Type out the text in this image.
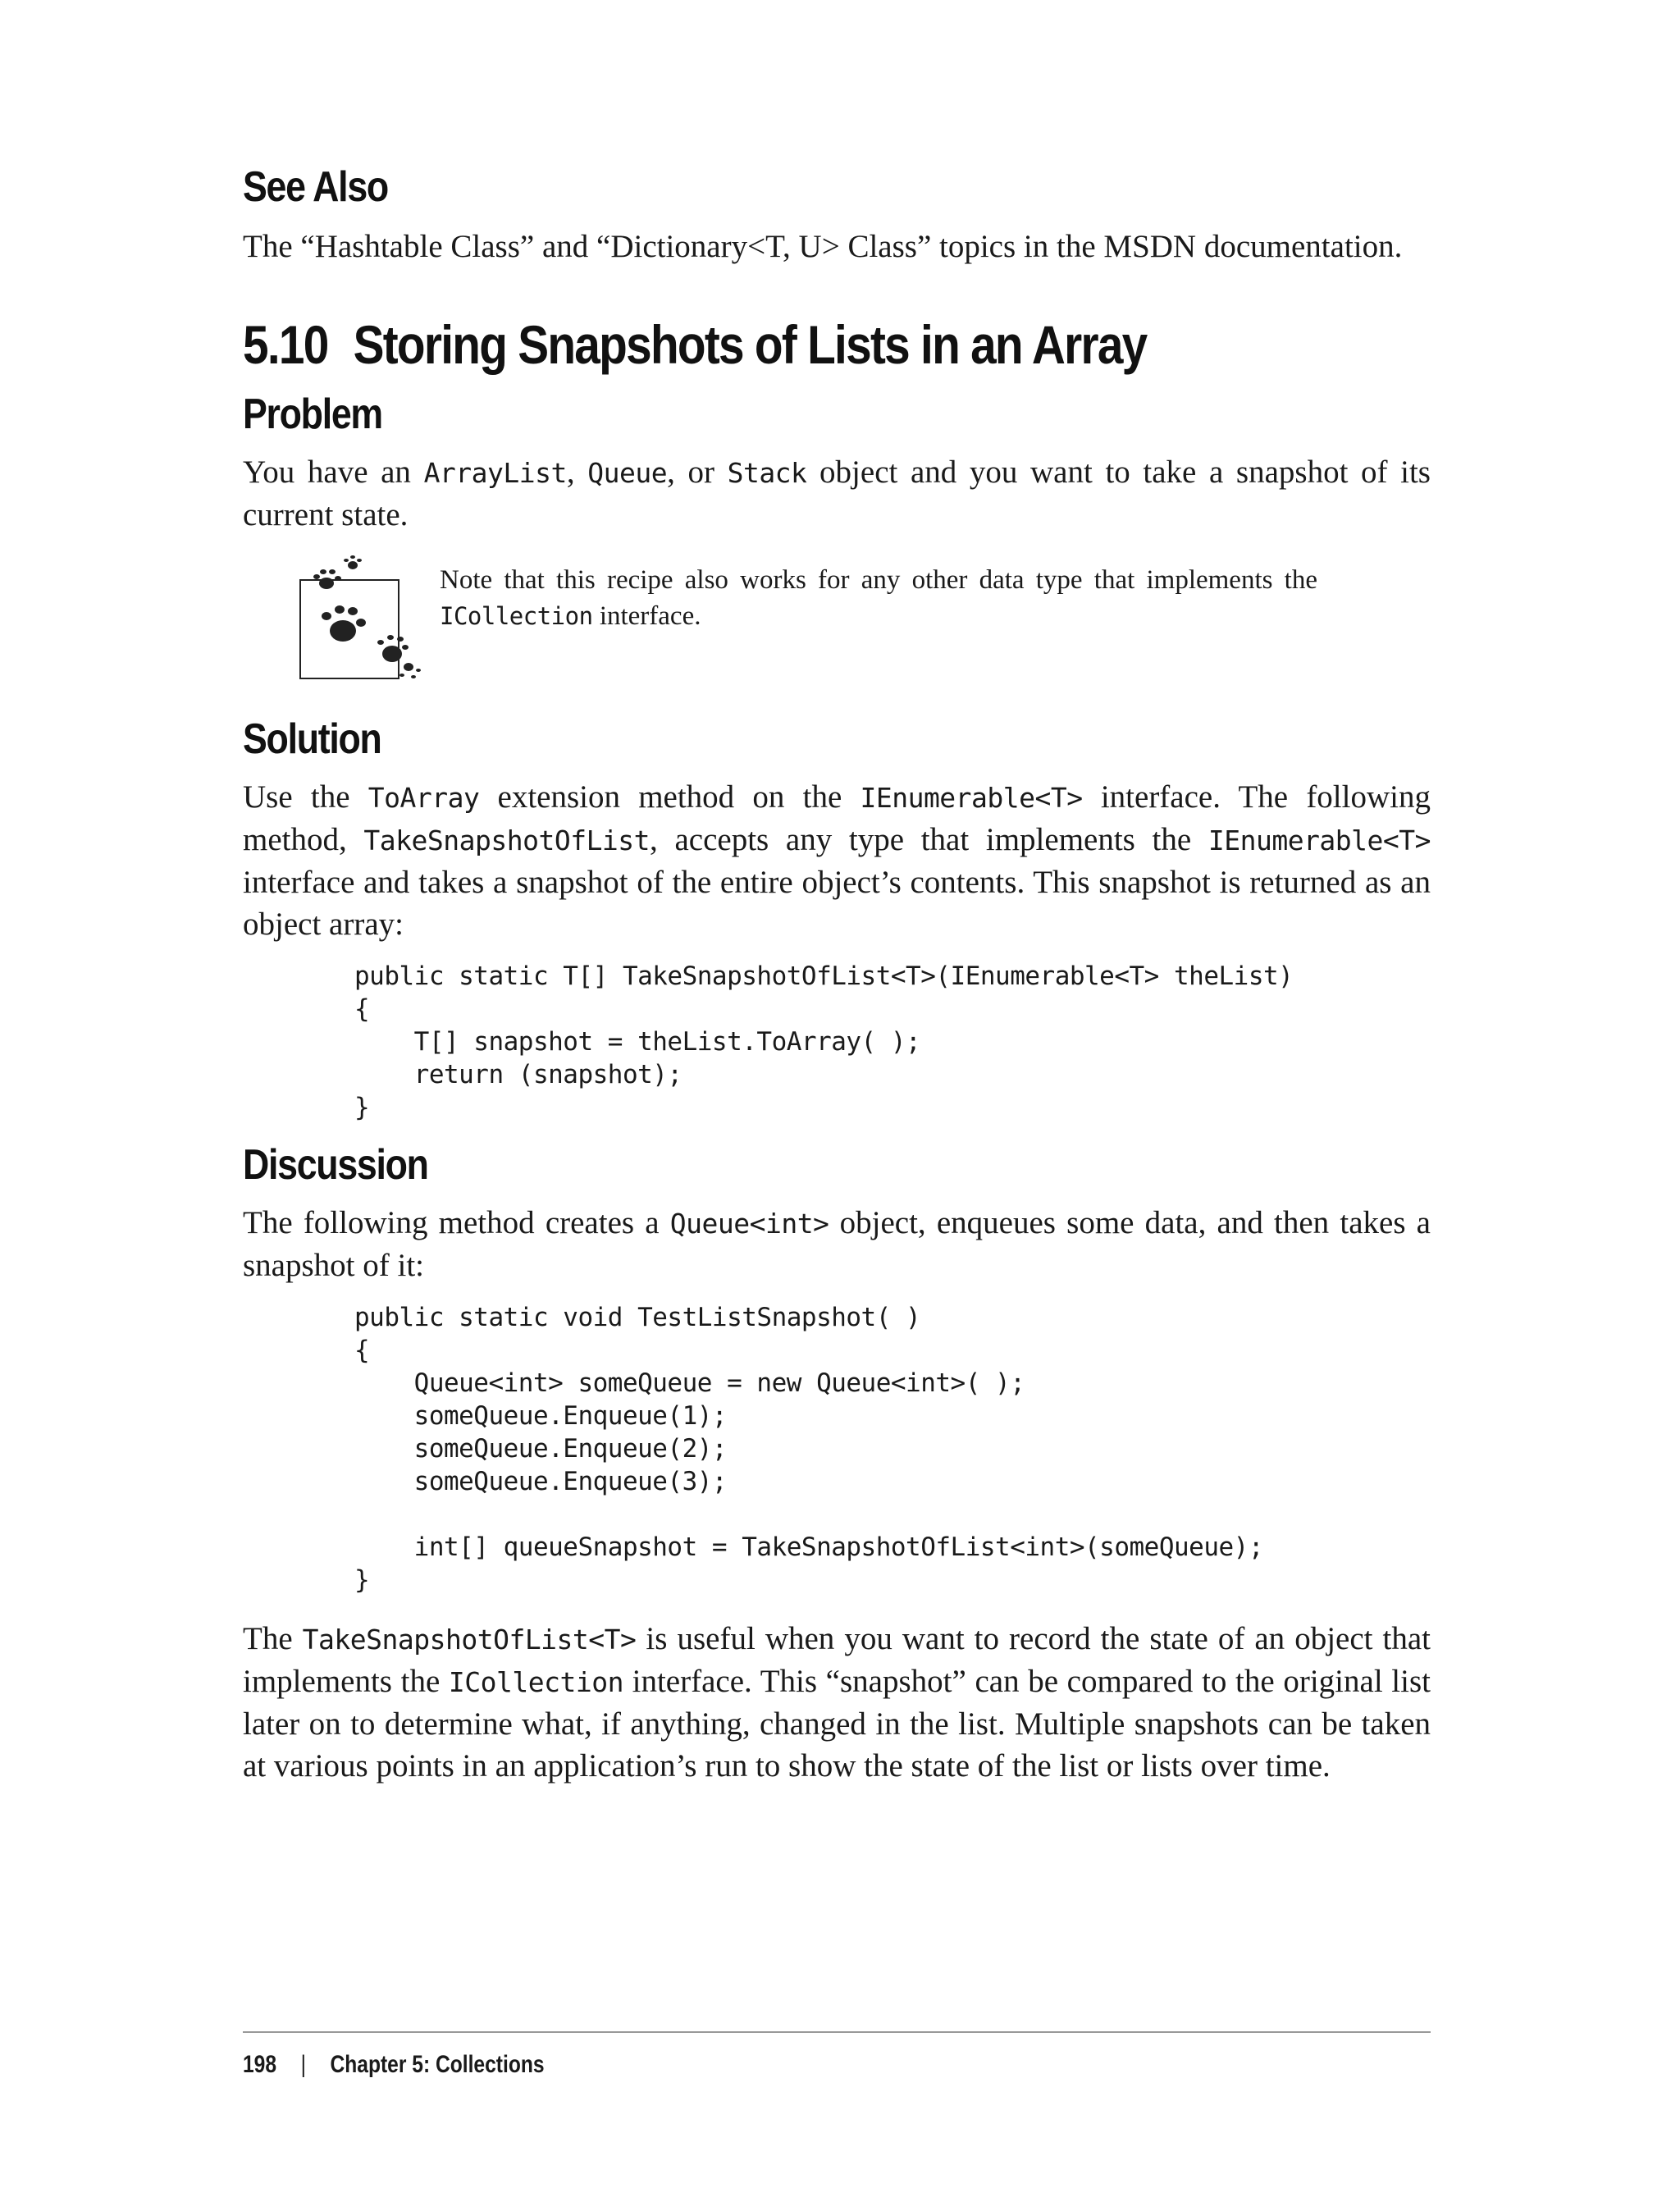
See Also

The “Hashtable Class” and “Dictionary<T, U> Class” topics in the MSDN documentation.

5.10 Storing Snapshots of Lists in an Array
Problem

You have an ArrayList, Queue, or Stack object and you want to take a snapshot of its current state.

Note that this recipe also works for any other data type that implements the ICollection interface.
Solution

Use the ToArray extension method on the IEnumerable<T> interface. The following method, TakeSnapshotOfList, accepts any type that implements the IEnumerable<T> interface and takes a snapshot of the entire object’s contents. This snapshot is returned as an object array:

public static T[] TakeSnapshotOfList<T>(IEnumerable<T> theList)
{
T[] snapshot = theList.ToArray( );
return (snapshot);
}
Discussion

The following method creates a Queue<int> object, enqueues some data, and then takes a snapshot of it:

public static void TestListSnapshot( )
{
Queue<int> someQueue = new Queue<int>( );
someQueue.Enqueue(1);
someQueue.Enqueue(2);
someQueue.Enqueue(3);

int[] queueSnapshot = TakeSnapshotOfList<int>(someQueue);
}

The TakeSnapshotOfList<T> is useful when you want to record the state of an object that implements the ICollection interface. This “snapshot” can be compared to the original list later on to determine what, if anything, changed in the list. Multiple snapshots can be taken at various points in an application’s run to show the state of the list or lists over time.

198 | Chapter 5: Collections
